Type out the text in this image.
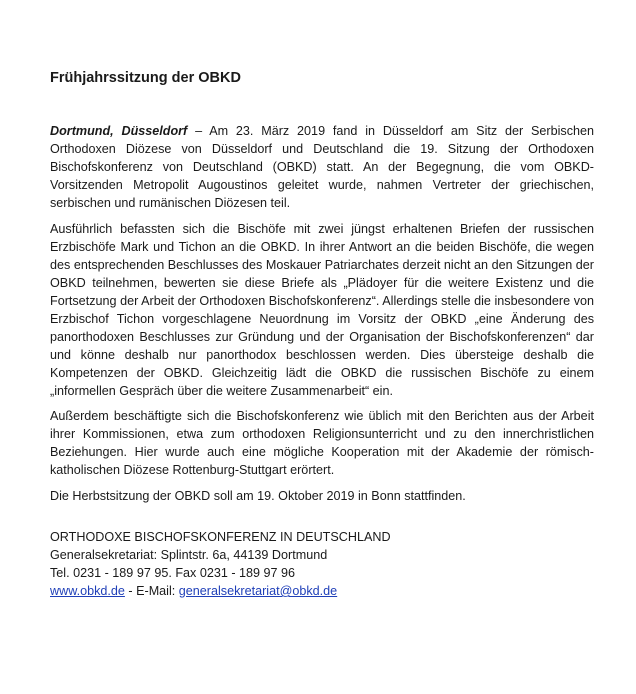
Frühjahrssitzung der OBKD

Dortmund, Düsseldorf – Am 23. März 2019 fand in Düsseldorf am Sitz der Serbischen Orthodoxen Diözese von Düsseldorf und Deutschland die 19. Sitzung der Orthodoxen Bischofskonferenz von Deutschland (OBKD) statt. An der Begegnung, die vom OBKD-Vorsitzenden Metropolit Augoustinos geleitet wurde, nahmen Vertreter der griechischen, serbischen und rumänischen Diözesen teil.

Ausführlich befassten sich die Bischöfe mit zwei jüngst erhaltenen Briefen der russischen Erzbischöfe Mark und Tichon an die OBKD. In ihrer Antwort an die beiden Bischöfe, die wegen des entsprechenden Beschlusses des Moskauer Patriarchates derzeit nicht an den Sitzungen der OBKD teilnehmen, bewerten sie diese Briefe als „Plädoyer für die weitere Existenz und die Fortsetzung der Arbeit der Orthodoxen Bischofskonferenz“. Allerdings stelle die insbesondere von Erzbischof Tichon vorgeschlagene Neuordnung im Vorsitz der OBKD „eine Änderung des panorthodoxen Beschlusses zur Gründung und der Organisation der Bischofskonferenzen“ dar und könne deshalb nur panorthodox beschlossen werden. Dies übersteige deshalb die Kompetenzen der OBKD. Gleichzeitig lädt die OBKD die russischen Bischöfe zu einem „informellen Gespräch über die weitere Zusammenarbeit“ ein.

Außerdem beschäftigte sich die Bischofskonferenz wie üblich mit den Berichten aus der Arbeit ihrer Kommissionen, etwa zum orthodoxen Religionsunterricht und zu den innerchristlichen Beziehungen. Hier wurde auch eine mögliche Kooperation mit der Akademie der römisch-katholischen Diözese Rottenburg-Stuttgart erörtert.

Die Herbstsitzung der OBKD soll am 19. Oktober 2019 in Bonn stattfinden.

ORTHODOXE BISCHOFSKONFERENZ IN DEUTSCHLAND
Generalsekretariat: Splintstr. 6a, 44139 Dortmund
Tel. 0231 - 189 97 95. Fax 0231 - 189 97 96
www.obkd.de - E-Mail: generalsekretariat@obkd.de
